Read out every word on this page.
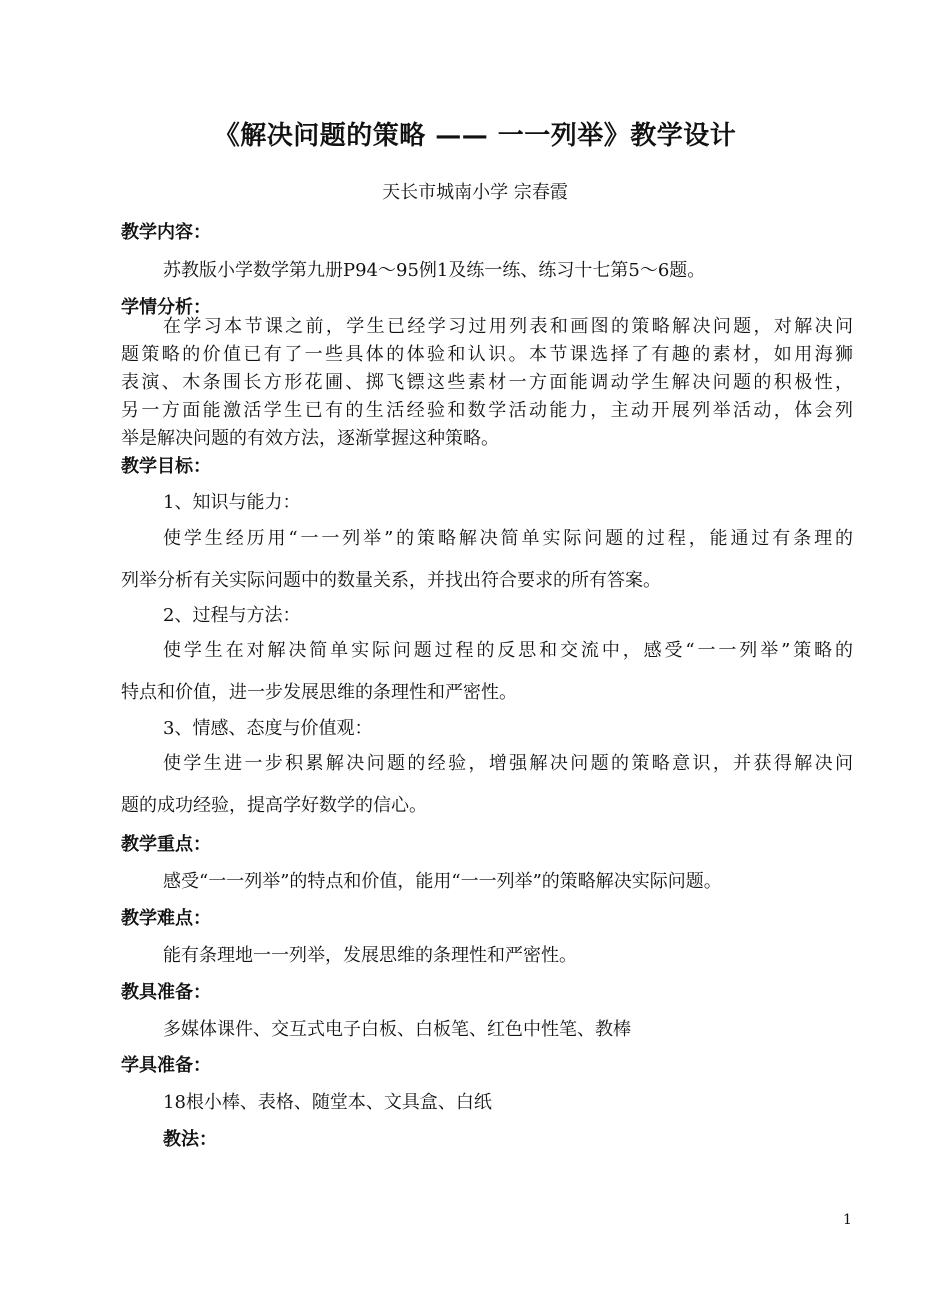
《解决问题的策略 —— 一一列举》教学设计
天长市城南小学 宗春霞
教学内容：
苏教版小学数学第九册P94～95例1及练一练、练习十七第5～6题。
学情分析：
在学习本节课之前，学生已经学习过用列表和画图的策略解决问题，对解决问
题策略的价值已有了一些具体的体验和认识。本节课选择了有趣的素材，如用海狮
表演、木条围长方形花圃、掷飞镖这些素材一方面能调动学生解决问题的积极性，
另一方面能激活学生已有的生活经验和数学活动能力，主动开展列举活动，体会列
举是解决问题的有效方法，逐渐掌握这种策略。
教学目标：
1、知识与能力：
使学生经历用“一一列举”的策略解决简单实际问题的过程，能通过有条理的
列举分析有关实际问题中的数量关系，并找出符合要求的所有答案。
2、过程与方法：
使学生在对解决简单实际问题过程的反思和交流中，感受“一一列举”策略的
特点和价值，进一步发展思维的条理性和严密性。
3、情感、态度与价值观：
使学生进一步积累解决问题的经验，增强解决问题的策略意识，并获得解决问
题的成功经验，提高学好数学的信心。
教学重点：
感受“一一列举”的特点和价值，能用“一一列举”的策略解决实际问题。
教学难点：
能有条理地一一列举，发展思维的条理性和严密性。
教具准备：
多媒体课件、交互式电子白板、白板笔、红色中性笔、教棒
学具准备：
18根小棒、表格、随堂本、文具盒、白纸
教法：
1
